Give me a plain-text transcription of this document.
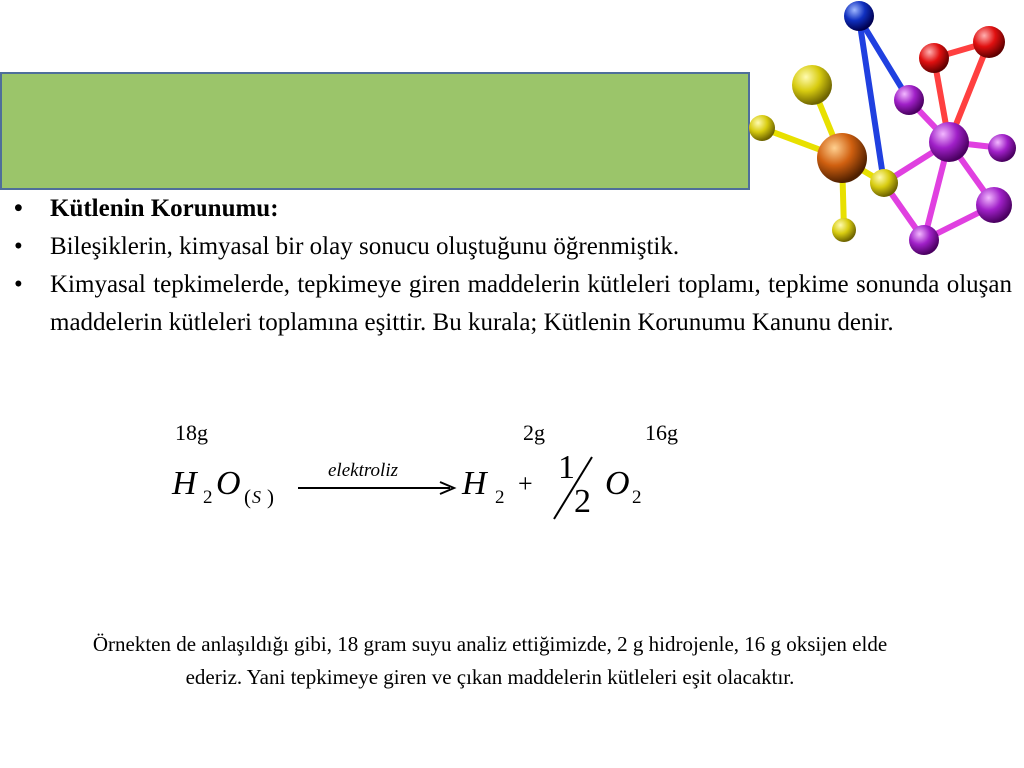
• Kütlenin Korunumu:
• Bileşiklerin, kimyasal bir olay sonucu oluştuğunu öğrenmiştik.
• Kimyasal tepkimelerde, tepkimeye giren maddelerin kütleleri toplamı, tepkime sonunda oluşan maddelerin kütleleri toplamına eşittir. Bu kurala; Kütlenin Korunumu Kanunu denir.
18g	2g	16g
H 2 O ( S )
elektroliz H 2 + 1
2 O 2
Örnekten de anlaşıldığı gibi, 18 gram suyu analiz ettiğimizde, 2 g hidrojenle, 16 g oksijen elde ederiz. Yani tepkimeye giren ve çıkan maddelerin kütleleri eşit olacaktır.
